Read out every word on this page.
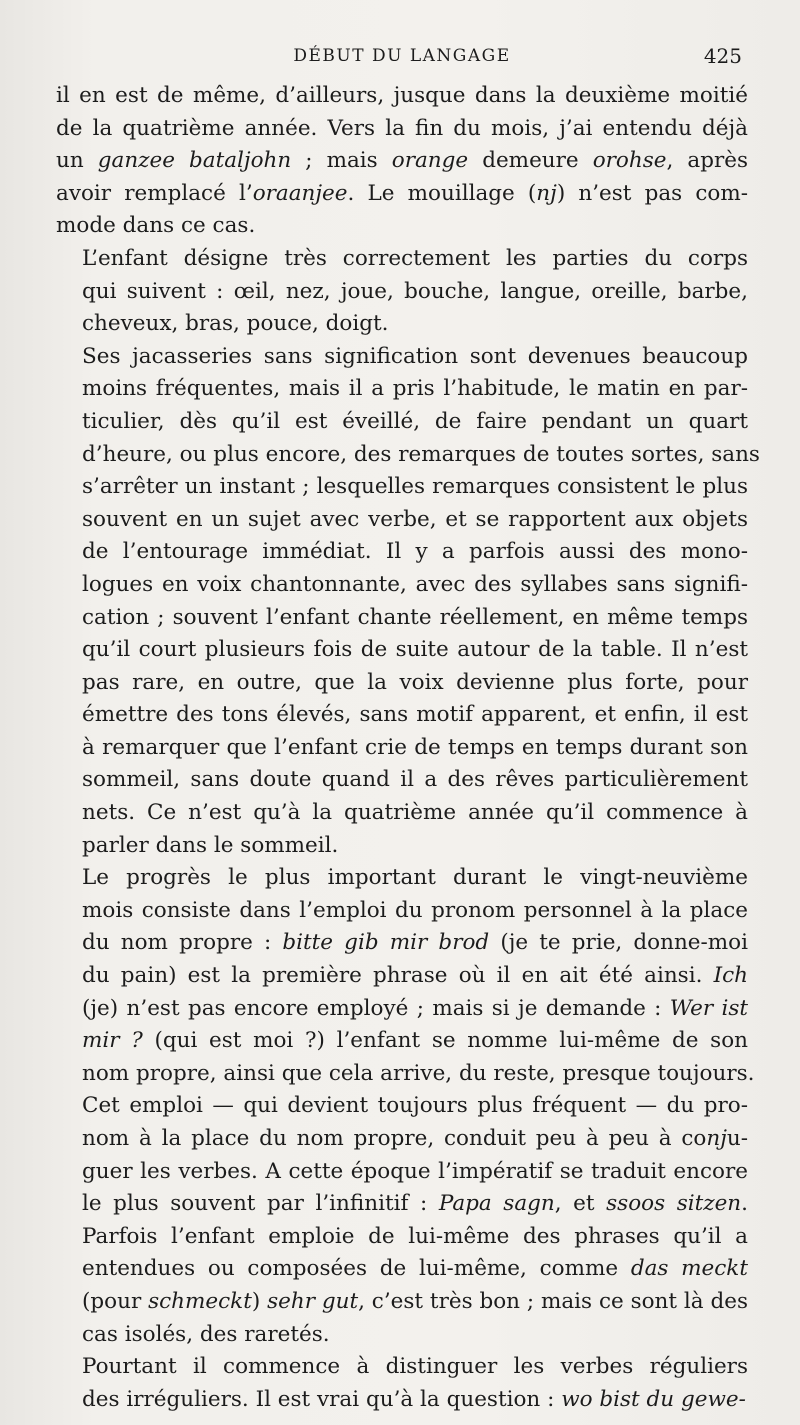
DÉBUT DU LANGAGE	425
il en est de même, d’ailleurs, jusque dans la deuxième moitié
de la quatrième année. Vers la fin du mois, j’ai entendu déjà
un ganzee bataljohn ; mais orange demeure orohse, après
avoir remplacé l’oraanjee. Le mouillage (nj) n’est pas com-
mode dans ce cas.
L’enfant désigne très correctement les parties du corps
qui suivent : œil, nez, joue, bouche, langue, oreille, barbe,
cheveux, bras, pouce, doigt.
Ses jacasseries sans signification sont devenues beaucoup
moins fréquentes, mais il a pris l’habitude, le matin en par-
ticulier, dès qu’il est éveillé, de faire pendant un quart
d’heure, ou plus encore, des remarques de toutes sortes, sans
s’arrêter un instant ; lesquelles remarques consistent le plus
souvent en un sujet avec verbe, et se rapportent aux objets
de l’entourage immédiat. Il y a parfois aussi des mono-
logues en voix chantonnante, avec des syllabes sans signifi-
cation ; souvent l’enfant chante réellement, en même temps
qu’il court plusieurs fois de suite autour de la table. Il n’est
pas rare, en outre, que la voix devienne plus forte, pour
émettre des tons élevés, sans motif apparent, et enfin, il est
à remarquer que l’enfant crie de temps en temps durant son
sommeil, sans doute quand il a des rêves particulièrement
nets. Ce n’est qu’à la quatrième année qu’il commence à
parler dans le sommeil.
Le progrès le plus important durant le vingt-neuvième
mois consiste dans l’emploi du pronom personnel à la place
du nom propre : bitte gib mir brod (je te prie, donne-moi
du pain) est la première phrase où il en ait été ainsi. Ich
(je) n’est pas encore employé ; mais si je demande : Wer ist
mir ? (qui est moi ?) l’enfant se nomme lui-même de son
nom propre, ainsi que cela arrive, du reste, presque toujours.
Cet emploi — qui devient toujours plus fréquent — du pro-
nom à la place du nom propre, conduit peu à peu à conju-
guer les verbes. A cette époque l’impératif se traduit encore
le plus souvent par l’infinitif : Papa sagn, et ssoos sitzen.
Parfois l’enfant emploie de lui-même des phrases qu’il a
entendues ou composées de lui-même, comme das meckt
(pour schmeckt) sehr gut, c’est très bon ; mais ce sont là des
cas isolés, des raretés.
Pourtant il commence à distinguer les verbes réguliers
des irréguliers. Il est vrai qu’à la question : wo bist du gewe-
